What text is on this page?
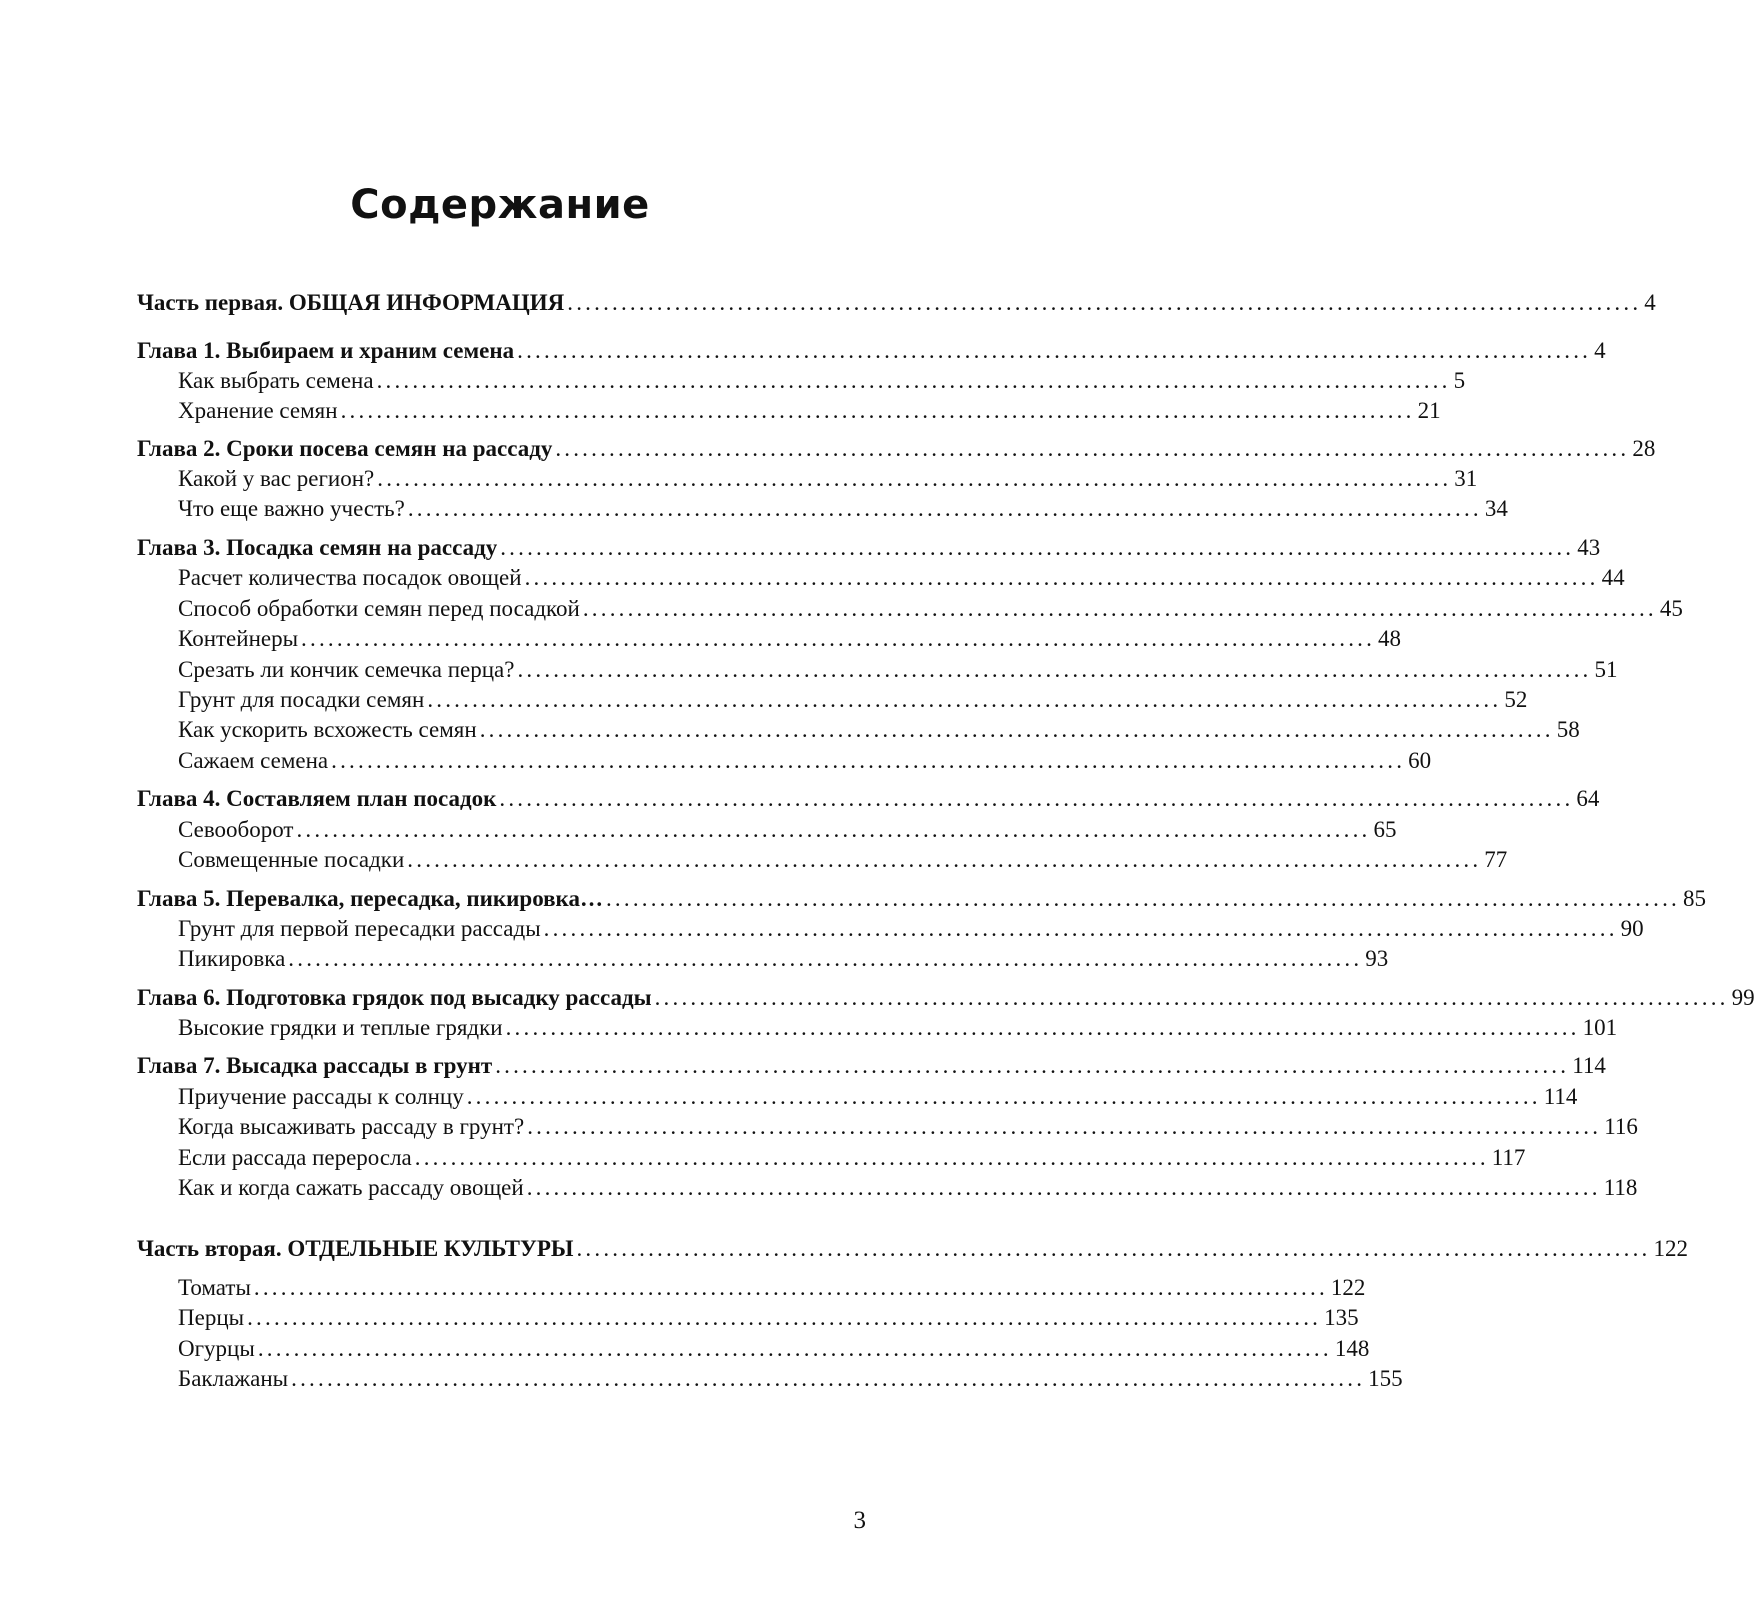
Содержание
Часть первая. ОБЩАЯ ИНФОРМАЦИЯ ........................................................................................................................ 4
Глава 1. Выбираем и храним семена ........................................................................................................................ 4
Как выбрать семена ........................................................................................................................ 5
Хранение семян ........................................................................................................................ 21
Глава 2. Сроки посева семян на рассаду ........................................................................................................................ 28
Какой у вас регион? ........................................................................................................................ 31
Что еще важно учесть? ........................................................................................................................ 34
Глава 3. Посадка семян на рассаду ........................................................................................................................ 43
Расчет количества посадок овощей ........................................................................................................................ 44
Способ обработки семян перед посадкой ........................................................................................................................ 45
Контейнеры ........................................................................................................................ 48
Срезать ли кончик семечка перца? ........................................................................................................................ 51
Грунт для посадки семян ........................................................................................................................ 52
Как ускорить всхожесть семян ........................................................................................................................ 58
Сажаем семена ........................................................................................................................ 60
Глава 4. Составляем план посадок ........................................................................................................................ 64
Севооборот ........................................................................................................................ 65
Совмещенные посадки ........................................................................................................................ 77
Глава 5. Перевалка, пересадка, пикировка… ........................................................................................................................ 85
Грунт для первой пересадки рассады ........................................................................................................................ 90
Пикировка ........................................................................................................................ 93
Глава 6. Подготовка грядок под высадку рассады ........................................................................................................................ 99
Высокие грядки и теплые грядки ........................................................................................................................ 101
Глава 7. Высадка рассады в грунт ........................................................................................................................ 114
Приучение рассады к солнцу ........................................................................................................................ 114
Когда высаживать рассаду в грунт? ........................................................................................................................ 116
Если рассада переросла ........................................................................................................................ 117
Как и когда сажать рассаду овощей ........................................................................................................................ 118
Часть вторая. ОТДЕЛЬНЫЕ КУЛЬТУРЫ ........................................................................................................................ 122
Томаты ........................................................................................................................ 122
Перцы ........................................................................................................................ 135
Огурцы ........................................................................................................................ 148
Баклажаны ........................................................................................................................ 155
3
